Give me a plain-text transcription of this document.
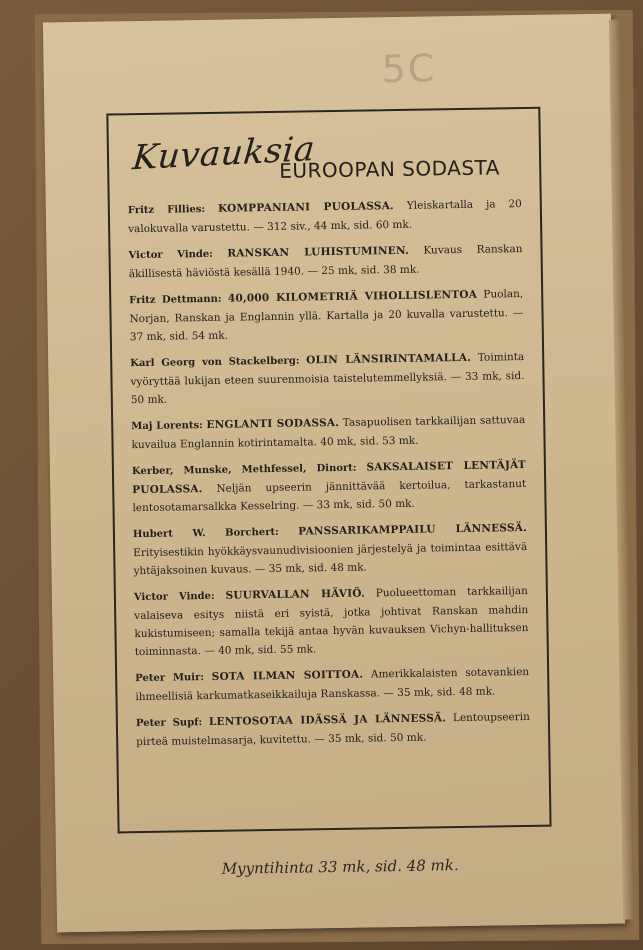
5C
Kuvauksia
EUROOPAN SODASTA

Fritz Fillies: KOMPPANIANI PUOLASSA. Yleiskartalla ja 20 valokuvalla varustettu. — 312 siv., 44 mk, sid. 60 mk.

Victor Vinde: RANSKAN LUHISTUMINEN. Kuvaus Ranskan äkillisestä häviöstä kesällä 1940. — 25 mk, sid. 38 mk.

Fritz Dettmann: 40,000 KILOMETRIÄ VIHOLLISLENTOA Puolan, Norjan, Ranskan ja Englannin yllä. Kartalla ja 20 kuvalla varustettu. — 37 mk, sid. 54 mk.

Karl Georg von Stackelberg: OLIN LÄNSIRINTAMALLA. Toiminta vyöryttää lukijan eteen suurenmoisia taistelutemmellyksiä. — 33 mk, sid. 50 mk.

Maj Lorents: ENGLANTI SODASSA. Tasapuolisen tarkkailijan sattuvaa kuvailua Englannin kotirintamalta. 40 mk, sid. 53 mk.

Kerber, Munske, Methfessel, Dinort: SAKSALAISET LENTÄJÄT PUOLASSA. Neljän upseerin jännittävää kertoilua, tarkastanut lentosotamarsalkka Kesselring. — 33 mk, sid. 50 mk.

Hubert W. Borchert: PANSSARIKAMPPAILU LÄNNESSÄ. Erityisestikin hyökkäysvaunudivisioonien järjestelyä ja toimintaa esittävä yhtäjaksoinen kuvaus. — 35 mk, sid. 48 mk.

Victor Vinde: SUURVALLAN HÄVIÖ. Puolueettoman tarkkailijan valaiseva esitys niistä eri syistä, jotka johtivat Ranskan mahdin kukistumiseen; samalla tekijä antaa hyvän kuvauksen Vichyn-hallituksen toiminnasta. — 40 mk, sid. 55 mk.

Peter Muir: SOTA ILMAN SOITTOA. Amerikkalaisten sotavankien ihmeellisiä karkumatkaseikkailuja Ranskassa. — 35 mk, sid. 48 mk.

Peter Supf: LENTOSOTAA IDÄSSÄ JA LÄNNESSÄ. Lentoupseerin pirteä muistelmasarja, kuvitettu. — 35 mk, sid. 50 mk.

Myyntihinta 33 mk, sid. 48 mk.
